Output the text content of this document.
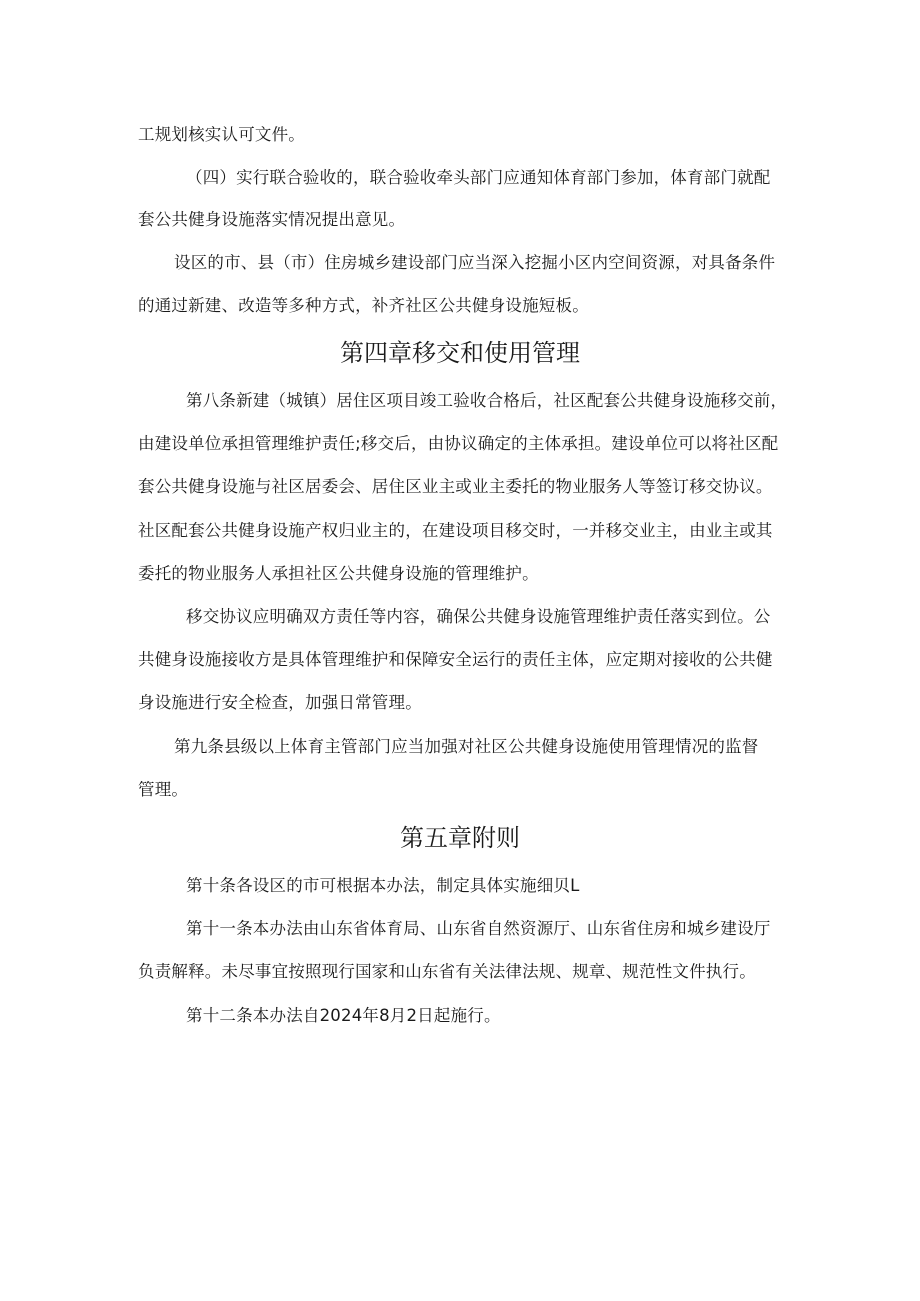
工规划核实认可文件。
（四）实行联合验收的，联合验收牵头部门应通知体育部门参加，体育部门就配
套公共健身设施落实情况提出意见。
设区的市、县（市）住房城乡建设部门应当深入挖掘小区内空间资源，对具备条件
的通过新建、改造等多种方式，补齐社区公共健身设施短板。
第四章移交和使用管理
第八条新建（城镇）居住区项目竣工验收合格后，社区配套公共健身设施移交前，
由建设单位承担管理维护责任;移交后，由协议确定的主体承担。建设单位可以将社区配
套公共健身设施与社区居委会、居住区业主或业主委托的物业服务人等签订移交协议。
社区配套公共健身设施产权归业主的，在建设项目移交时，一并移交业主，由业主或其
委托的物业服务人承担社区公共健身设施的管理维护。
移交协议应明确双方责任等内容，确保公共健身设施管理维护责任落实到位。公
共健身设施接收方是具体管理维护和保障安全运行的责任主体，应定期对接收的公共健
身设施进行安全检查，加强日常管理。
第九条县级以上体育主管部门应当加强对社区公共健身设施使用管理情况的监督
管理。
第五章附则
第十条各设区的市可根据本办法，制定具体实施细贝L
第十一条本办法由山东省体育局、山东省自然资源厅、山东省住房和城乡建设厅
负责解释。未尽事宜按照现行国家和山东省有关法律法规、规章、规范性文件执行。
第十二条本办法自2024年8月2日起施行。
